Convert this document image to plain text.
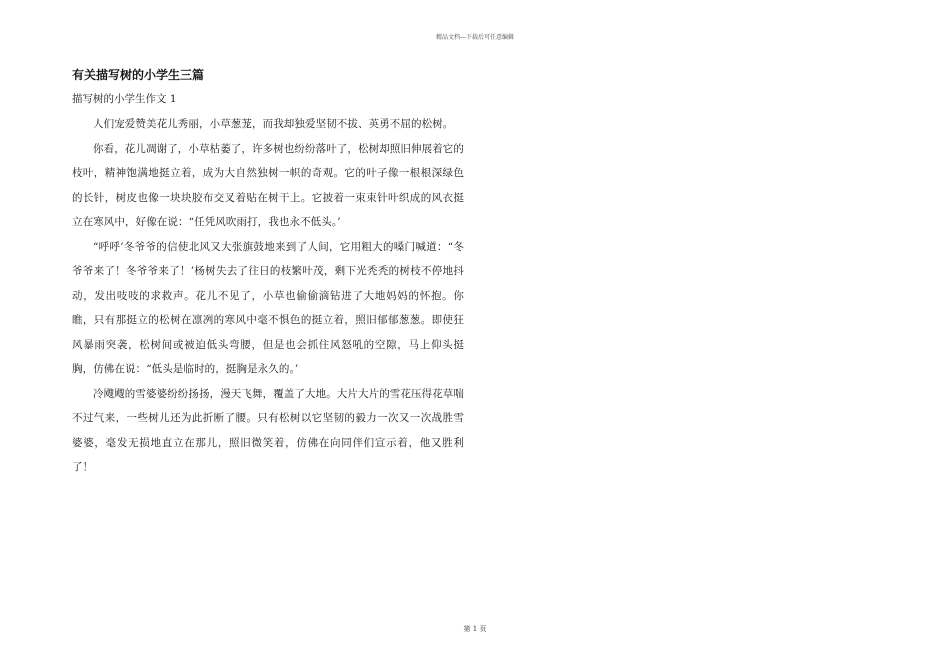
精品文档---下载后可任意编辑
有关描写树的小学生三篇
描写树的小学生作文 1

人们宠爱赞美花儿秀丽，小草葱茏，而我却独爱坚韧不拔、英勇不屈的松树。

你看，花儿凋谢了，小草枯萎了，许多树也纷纷落叶了，松树却照旧伸展着它的枝叶，精神饱满地挺立着，成为大自然独树一帜的奇观。它的叶子像一根根深绿色的长针，树皮也像一块块胶布交叉着贴在树干上。它披着一束束针叶织成的风衣挺立在寒风中，好像在说：“任凭风吹雨打，我也永不低头。’

“呼呼’冬爷爷的信使北风又大张旗鼓地来到了人间，它用粗大的嗓门喊道：“冬爷爷来了！冬爷爷来了！’杨树失去了往日的枝繁叶茂，剩下光秃秃的树枝不停地抖动，发出吱吱的求救声。花儿不见了，小草也偷偷滴钻进了大地妈妈的怀抱。你瞧，只有那挺立的松树在凛冽的寒风中毫不惧色的挺立着，照旧郁郁葱葱。即使狂风暴雨突袭，松树间或被迫低头弯腰，但是也会抓住风怒吼的空隙，马上仰头挺胸，仿佛在说：“低头是临时的，挺胸是永久的。’

冷飕飕的雪婆婆纷纷扬扬，漫天飞舞，覆盖了大地。大片大片的雪花压得花草喘不过气来，一些树儿还为此折断了腰。只有松树以它坚韧的毅力一次又一次战胜雪婆婆，毫发无损地直立在那儿，照旧微笑着，仿佛在向同伴们宣示着，他又胜利了！

第 1 页
